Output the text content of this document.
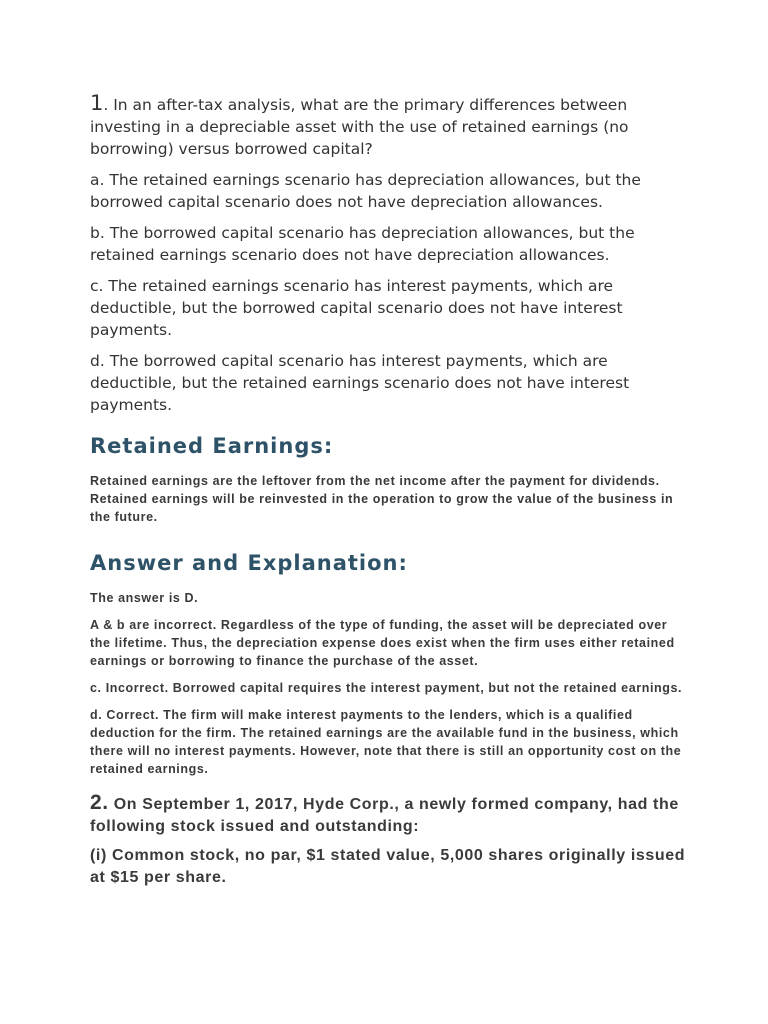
1. In an after-tax analysis, what are the primary differences between investing in a depreciable asset with the use of retained earnings (no borrowing) versus borrowed capital?

a. The retained earnings scenario has depreciation allowances, but the borrowed capital scenario does not have depreciation allowances.

b. The borrowed capital scenario has depreciation allowances, but the retained earnings scenario does not have depreciation allowances.

c. The retained earnings scenario has interest payments, which are deductible, but the borrowed capital scenario does not have interest payments.

d. The borrowed capital scenario has interest payments, which are deductible, but the retained earnings scenario does not have interest payments.

Retained Earnings:

Retained earnings are the leftover from the net income after the payment for dividends. Retained earnings will be reinvested in the operation to grow the value of the business in the future.

Answer and Explanation:

The answer is D.

A & b are incorrect. Regardless of the type of funding, the asset will be depreciated over the lifetime. Thus, the depreciation expense does exist when the firm uses either retained earnings or borrowing to finance the purchase of the asset.

c. Incorrect. Borrowed capital requires the interest payment, but not the retained earnings.

d. Correct. The firm will make interest payments to the lenders, which is a qualified deduction for the firm. The retained earnings are the available fund in the business, which there will no interest payments. However, note that there is still an opportunity cost on the retained earnings.

2. On September 1, 2017, Hyde Corp., a newly formed company, had the following stock issued and outstanding:

(i) Common stock, no par, $1 stated value, 5,000 shares originally issued at $15 per share.
